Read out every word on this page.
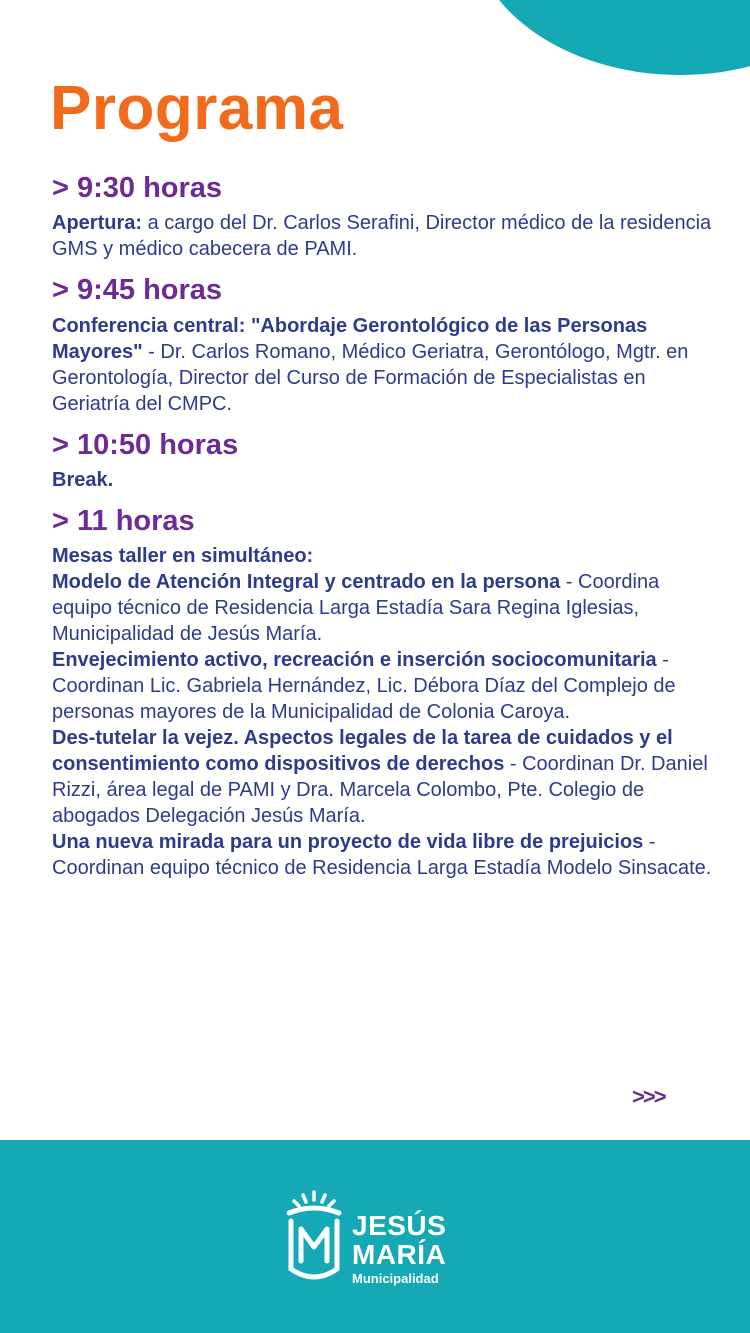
Programa
> 9:30 horas

Apertura: a cargo del Dr. Carlos Serafini, Director médico de la residencia GMS y médico cabecera de PAMI.

> 9:45 horas

Conferencia central: "Abordaje Gerontológico de las Personas Mayores" - Dr. Carlos Romano, Médico Geriatra, Gerontólogo, Mgtr. en Gerontología, Director del Curso de Formación de Especialistas en Geriatría del CMPC.

> 10:50 horas

Break.

> 11 horas

Mesas taller en simultáneo:

Modelo de Atención Integral y centrado en la persona - Coordina equipo técnico de Residencia Larga Estadía Sara Regina Iglesias, Municipalidad de Jesús María.

Envejecimiento activo, recreación e inserción sociocomunitaria - Coordinan Lic. Gabriela Hernández, Lic. Débora Díaz del Complejo de personas mayores de la Municipalidad de Colonia Caroya.

Des-tutelar la vejez. Aspectos legales de la tarea de cuidados y el consentimiento como dispositivos de derechos - Coordinan Dr. Daniel Rizzi, área legal de PAMI y Dra. Marcela Colombo, Pte. Colegio de abogados Delegación Jesús María.

Una nueva mirada para un proyecto de vida libre de prejuicios - Coordinan equipo técnico de Residencia Larga Estadía Modelo Sinsacate.

>>>
JESÚS
MARÍA
Municipalidad
